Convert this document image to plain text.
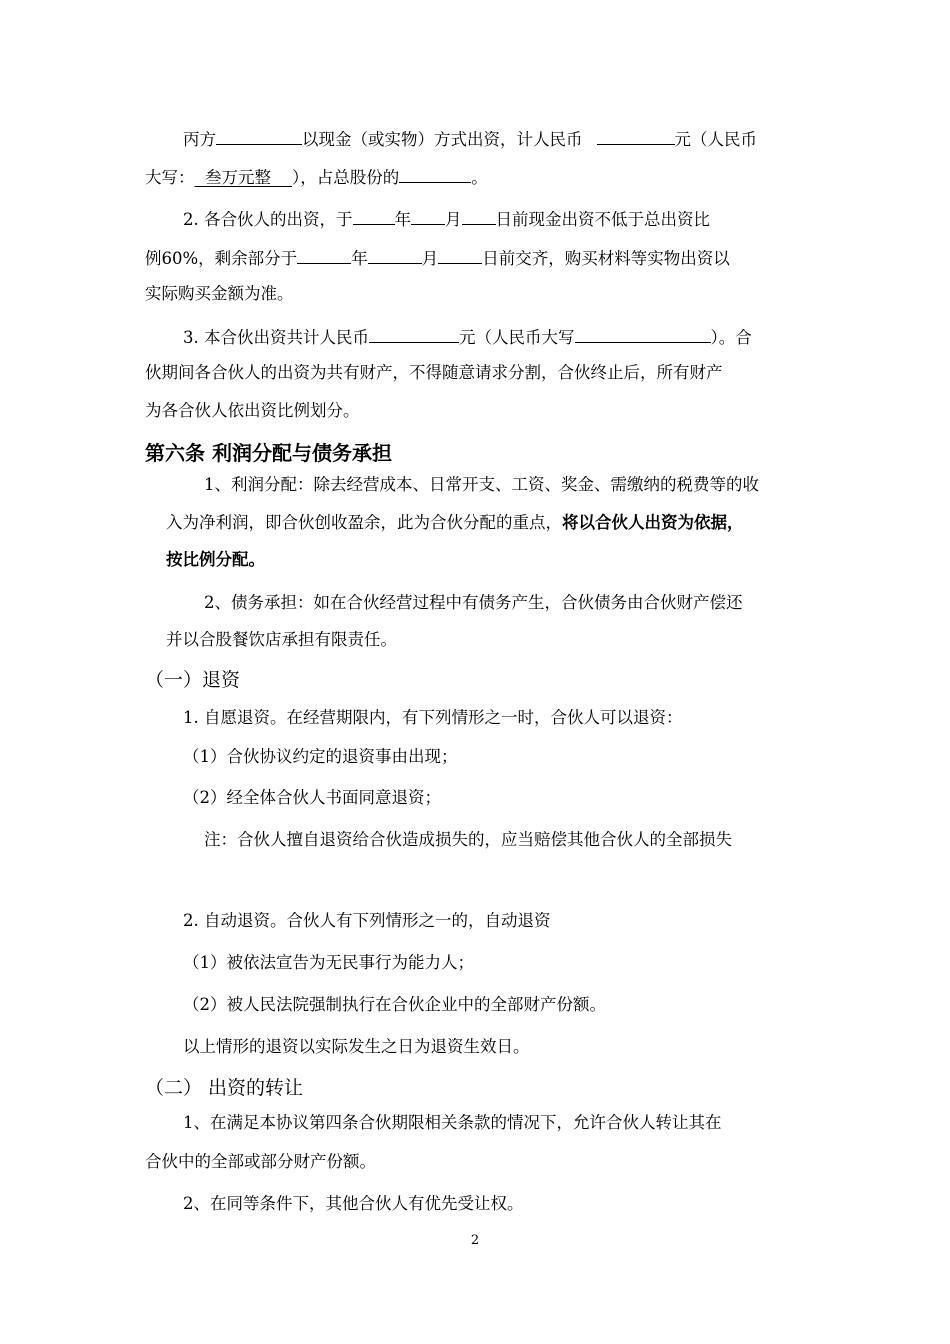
丙方	以现金（或实物）方式出资，计人民币	元（人民币
大写： 叁万元整 ），占总股份的	。
2. 各合伙人的出资，于	年 月 日前现金出资不低于总出资比
例60%，剩余部分于	年	月	日前交齐，购买材料等实物出资以
实际购买金额为准。
3. 本合伙出资共计人民币	元（人民币大写	）。合
伙期间各合伙人的出资为共有财产，不得随意请求分割，合伙终止后，所有财产
为各合伙人依出资比例划分。
第六条 利润分配与债务承担
1、利润分配：除去经营成本、日常开支、工资、奖金、需缴纳的税费等的收
入为净利润，即合伙创收盈余，此为合伙分配的重点，将以合伙人出资为依据，
按比例分配。
2、债务承担：如在合伙经营过程中有债务产生，合伙债务由合伙财产偿还
并以合股餐饮店承担有限责任。
（一）退资
1. 自愿退资。在经营期限内，有下列情形之一时，合伙人可以退资：
（1）合伙协议约定的退资事由出现；
（2）经全体合伙人书面同意退资；
注：合伙人擅自退资给合伙造成损失的，应当赔偿其他合伙人的全部损失
2. 自动退资。合伙人有下列情形之一的，自动退资
（1）被依法宣告为无民事行为能力人；
（2）被人民法院强制执行在合伙企业中的全部财产份额。
以上情形的退资以实际发生之日为退资生效日。
（二） 出资的转让
1、在满足本协议第四条合伙期限相关条款的情况下，允许合伙人转让其在
合伙中的全部或部分财产份额。
2、在同等条件下，其他合伙人有优先受让权。
2
